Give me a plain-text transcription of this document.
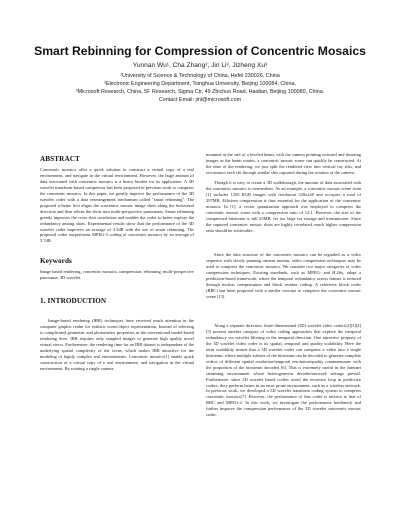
Smart Rebinning for Compression of Concentric Mosaics
Yunnan Wu¹, Cha Zhang², Jin Li³, Jizheng Xu³
¹University of Science & Technology of China, Hefei 230026, China
²Electronic Engineering Department, Tsinghua University, Beijing 100084, China,
³Microsoft Research, China, 5F Research, Sigma Ctr, 49 Zhichun Road, Haidian, Beijing 100080, China.
Contact Email: jinl@microsoft.com
ABSTRACT

Concentric mosaics offer a quick solution to construct a virtual copy of a real environment, and navigate in the virtual environment. However, the huge amount of data associated with concentric mosaics is a heavy burden for its application. A 3D wavelet transform-based compressor has been proposed in previous work to compress the concentric mosaics. In this paper, we greatly improve the performance of the 3D wavelet coder with a data rearrangement mechanism called "smart rebinning". The proposed scheme first aligns the concentric mosaic image shots along the horizontal direction and then rebins the shots into multi-perspective panoramas. Smart rebinning greatly improves the cross shot correlation and enables the coder to better explore the redundancy among shots. Experimental results show that the performance of the 3D wavelet coder improves an average of 4.3dB with the use of smart rebinning. The proposed coder outperforms MPEG-2 coding of concentric mosaics by an average of 3.7dB.

Keywords

Image based rendering, concentric mosaics, compression, rebinning, multi-perspective panorama, 3D wavelet.

1. INTRODUCTION

Image-based rendering (IBR) techniques have received much attention in the computer graphic realm for realistic scene/object representation. Instead of referring to complicated geometric and photometric properties as the conventional model-based rendering does, IBR requires only sampled images to generate high quality novel virtual views. Furthermore, the rendering time for an IBR dataset is independent of the underlying spatial complexity of the scene, which makes IBR attractive for the modeling of highly complex real environments. Concentric mosaics[1] enable quick construction of a virtual copy of a real environment, and navigation in the virtual environment. By rotating a single camera

mounted at the end of a leveled beam, with the camera pointing outward and shooting images as the beam rotates, a concentric mosaic scene can quickly be constructed. At the time of the rendering, we just split the rendered view into vertical ray slits, and reconstruct each slit through similar slits captured during the rotation of the camera.

Though it is easy to create a 3D walkthrough, the amount of data associated with the concentric mosaics is tremendous. As an example, a concentric mosaic scene from [1] includes 1350 RGB images with resolution 320x240 and occupies a total of 297MB. Efficient compression is thus essential for the application of the concentric mosaics. In [1], a vector quantization approach was employed to compress the concentric mosaic scene with a compression ratio of 12:1. However, the size of the compressed bitstream is still 25MB, far too large for storage and transmission. Since the captured concentric mosaic shots are highly correlated, much higher compression ratio should be achievable.

Since the data structure of the concentric mosaics can be regarded as a video sequence with slowly panning camera motion, video compression techniques may be used to compress the concentric mosaics. We consider two major categories of video compression techniques. Existing standards, such as MPEG- and H.26x, adopt a prediction-based framework, where the temporal redundancy across frames is reduced through motion compensation and block residue coding. A reference block coder (RBC) has been proposed with a similar concept to compress the concentric mosaic scene [13].

Along a separate direction, three-dimensional (3D) wavelet video coders[2][3][4][5] present another category of video coding approaches that explore the temporal redundancy via wavelet filtering in the temporal direction. One attractive property of the 3D wavelet video coder is its spatial, temporal and quality scalability. Here the term scalability means that a 3D wavelet coder can compress a video into a single bitstream, where multiple subsets of the bitstream can be decoded to generate complete videos of different spatial resolution/temporal resolution/quality commensurate with the proportion of the bitstream decoded [6]. This is extremely useful in the Internet streaming environment where heterogeneous decoder/network settings prevail. Furthermore, since 3D wavelet based coders avoid the recursive loop in predictive coders, they perform better in an error prone environment, such as a wireless network. In previous work, we developed a 3D wavelet transform coding system to compress concentric mosaics[7]. However, the performance of that coder is inferior to that of RBC and MPEG-2. In this work, we investigate the performance bottleneck and further improve the compression performance of the 3D wavelet concentric mosaic coder.
